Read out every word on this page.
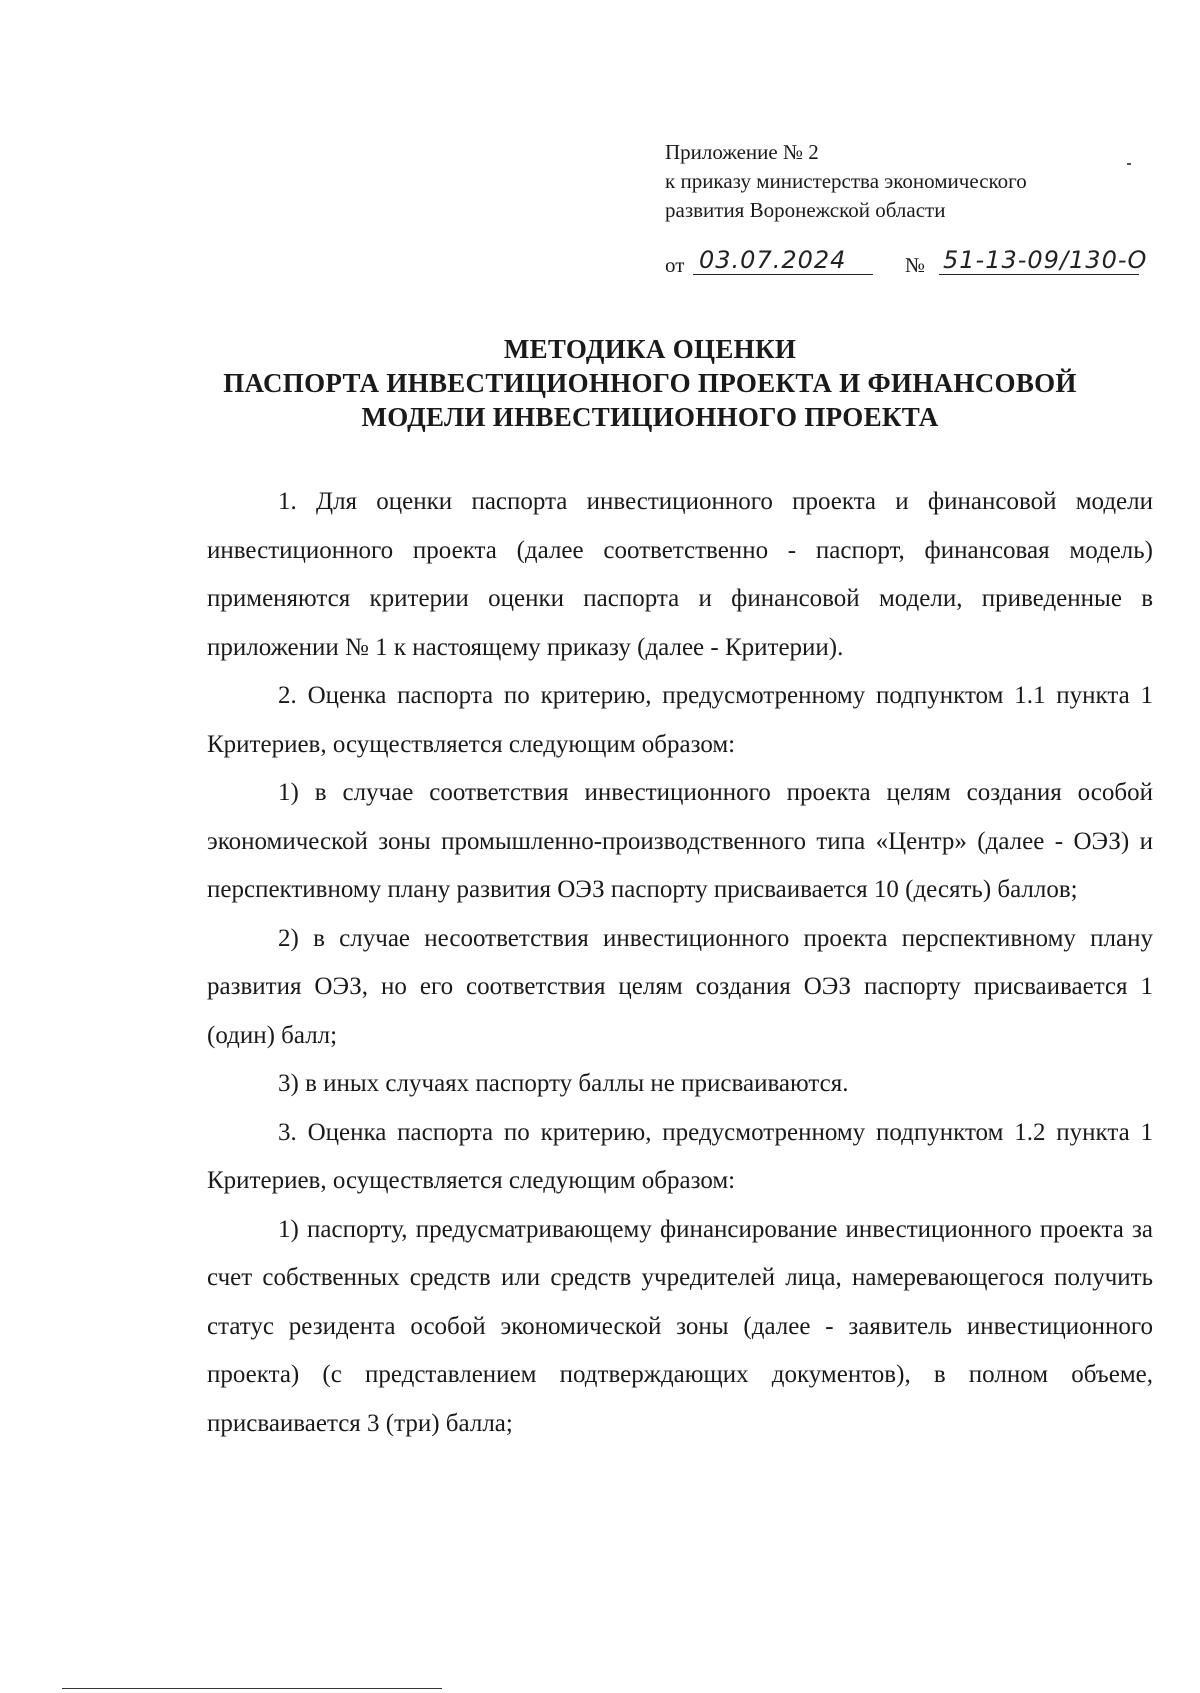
Приложение № 2
к приказу министерства экономического
развития Воронежской области
от 03.07.2024	№ 51-13-09/130-О
МЕТОДИКА ОЦЕНКИ
ПАСПОРТА ИНВЕСТИЦИОННОГО ПРОЕКТА И ФИНАНСОВОЙ
МОДЕЛИ ИНВЕСТИЦИОННОГО ПРОЕКТА

1. Для оценки паспорта инвестиционного проекта и финансовой модели инвестиционного проекта (далее соответственно - паспорт, финансовая модель) применяются критерии оценки паспорта и финансовой модели, приведенные в приложении № 1 к настоящему приказу (далее - Критерии).

2. Оценка паспорта по критерию, предусмотренному подпунктом 1.1 пункта 1 Критериев, осуществляется следующим образом:

1) в случае соответствия инвестиционного проекта целям создания особой экономической зоны промышленно-производственного типа «Центр» (далее - ОЭЗ) и перспективному плану развития ОЭЗ паспорту присваивается 10 (десять) баллов;

2) в случае несоответствия инвестиционного проекта перспективному плану развития ОЭЗ, но его соответствия целям создания ОЭЗ паспорту присваивается 1 (один) балл;

3) в иных случаях паспорту баллы не присваиваются.

3. Оценка паспорта по критерию, предусмотренному подпунктом 1.2 пункта 1 Критериев, осуществляется следующим образом:

1) паспорту, предусматривающему финансирование инвестиционного проекта за счет собственных средств или средств учредителей лица, намеревающегося получить статус резидента особой экономической зоны (далее - заявитель инвестиционного проекта) (с представлением подтверждающих документов), в полном объеме, присваивается 3 (три) балла;
